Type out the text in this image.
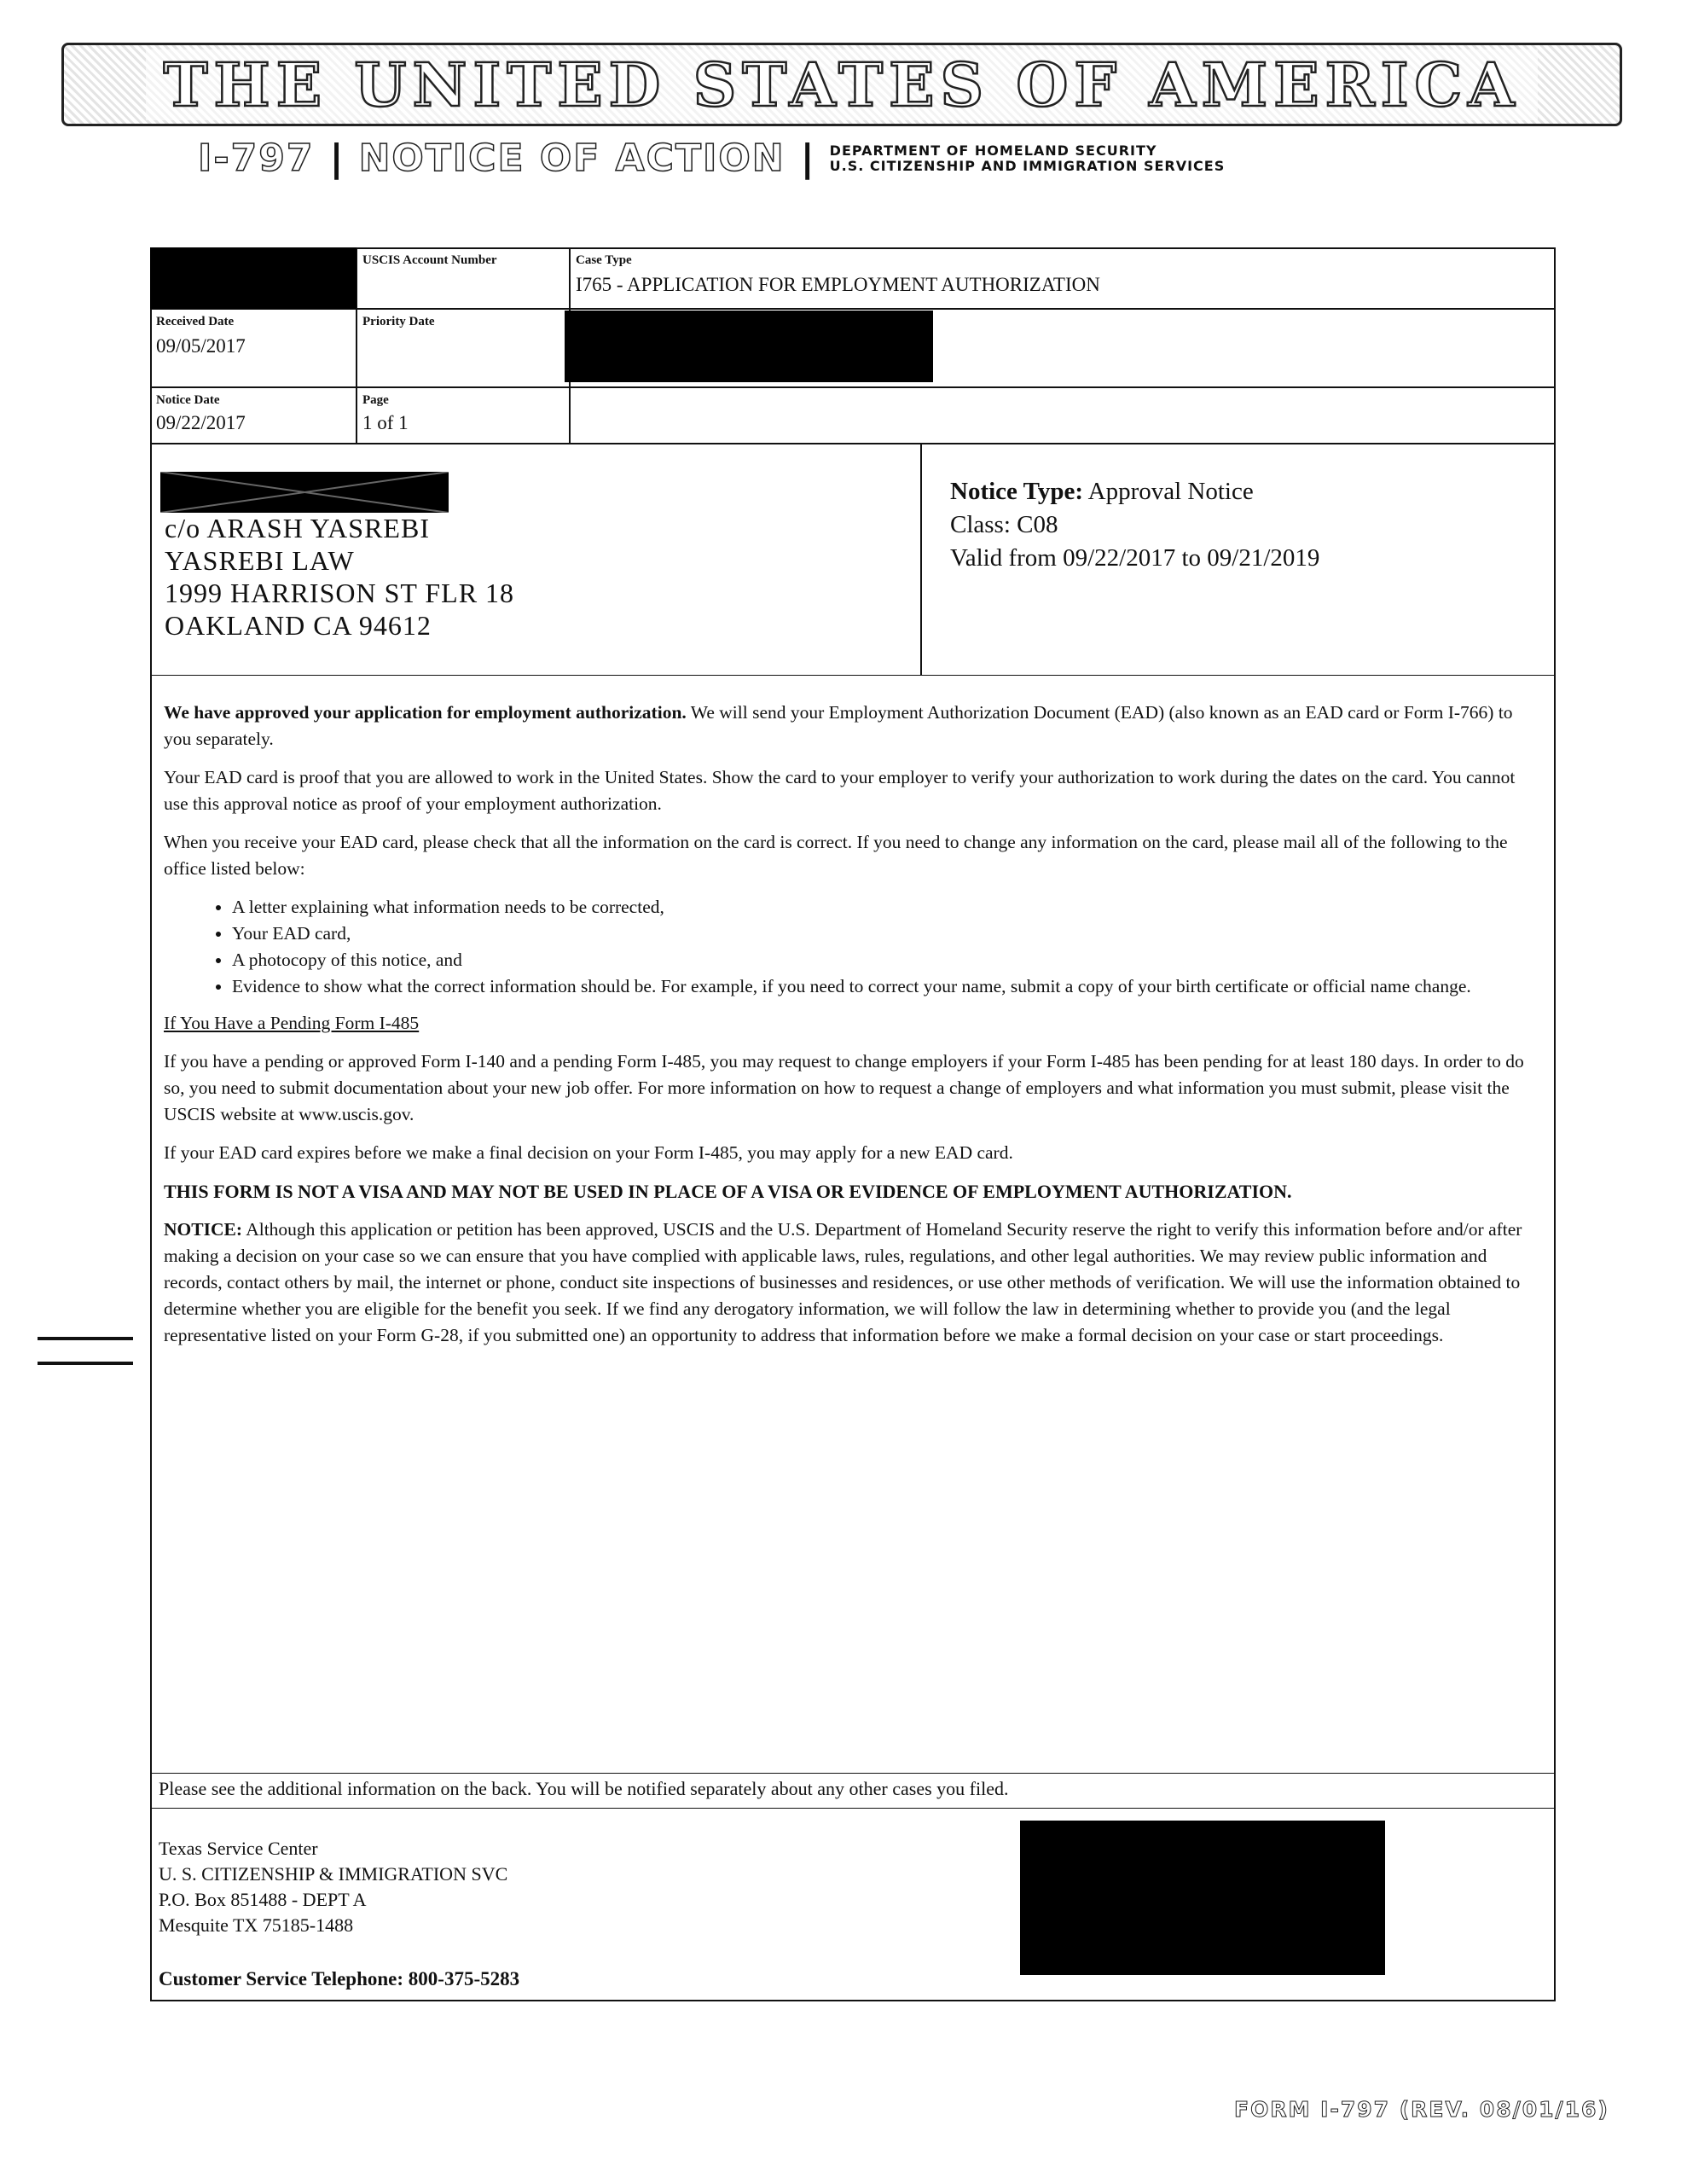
THE UNITED STATES OF AMERICA
I-797 | NOTICE OF ACTION | DEPARTMENT OF HOMELAND SECURITY
U.S. CITIZENSHIP AND IMMIGRATION SERVICES
USCIS Account Number	Case Type
I765 - APPLICATION FOR EMPLOYMENT AUTHORIZATION
Received Date
09/05/2017
Priority Date
Notice Date
09/22/2017
Page
1 of 1
c/o ARASH YASREBI
YASREBI LAW
1999 HARRISON ST FLR 18
OAKLAND CA 94612
Notice Type: Approval Notice
Class: C08
Valid from 09/22/2017 to 09/21/2019

We have approved your application for employment authorization. We will send your Employment Authorization Document (EAD) (also known as an EAD card or Form I-766) to you separately.

Your EAD card is proof that you are allowed to work in the United States. Show the card to your employer to verify your authorization to work during the dates on the card. You cannot use this approval notice as proof of your employment authorization.

When you receive your EAD card, please check that all the information on the card is correct. If you need to change any information on the card, please mail all of the following to the office listed below:

• A letter explaining what information needs to be corrected,
• Your EAD card,
• A photocopy of this notice, and
• Evidence to show what the correct information should be. For example, if you need to correct your name, submit a copy of your birth certificate or official name change.

If You Have a Pending Form I-485

If you have a pending or approved Form I-140 and a pending Form I-485, you may request to change employers if your Form I-485 has been pending for at least 180 days. In order to do so, you need to submit documentation about your new job offer. For more information on how to request a change of employers and what information you must submit, please visit the USCIS website at www.uscis.gov.

If your EAD card expires before we make a final decision on your Form I-485, you may apply for a new EAD card.

THIS FORM IS NOT A VISA AND MAY NOT BE USED IN PLACE OF A VISA OR EVIDENCE OF EMPLOYMENT AUTHORIZATION.

NOTICE: Although this application or petition has been approved, USCIS and the U.S. Department of Homeland Security reserve the right to verify this information before and/or after making a decision on your case so we can ensure that you have complied with applicable laws, rules, regulations, and other legal authorities. We may review public information and records, contact others by mail, the internet or phone, conduct site inspections of businesses and residences, or use other methods of verification. We will use the information obtained to determine whether you are eligible for the benefit you seek. If we find any derogatory information, we will follow the law in determining whether to provide you (and the legal representative listed on your Form G-28, if you submitted one) an opportunity to address that information before we make a formal decision on your case or start proceedings.

Please see the additional information on the back. You will be notified separately about any other cases you filed.
Texas Service Center
U. S. CITIZENSHIP & IMMIGRATION SVC
P.O. Box 851488 - DEPT A
Mesquite TX 75185-1488
Customer Service Telephone: 800-375-5283
FORM I-797 (REV. 08/01/16)
